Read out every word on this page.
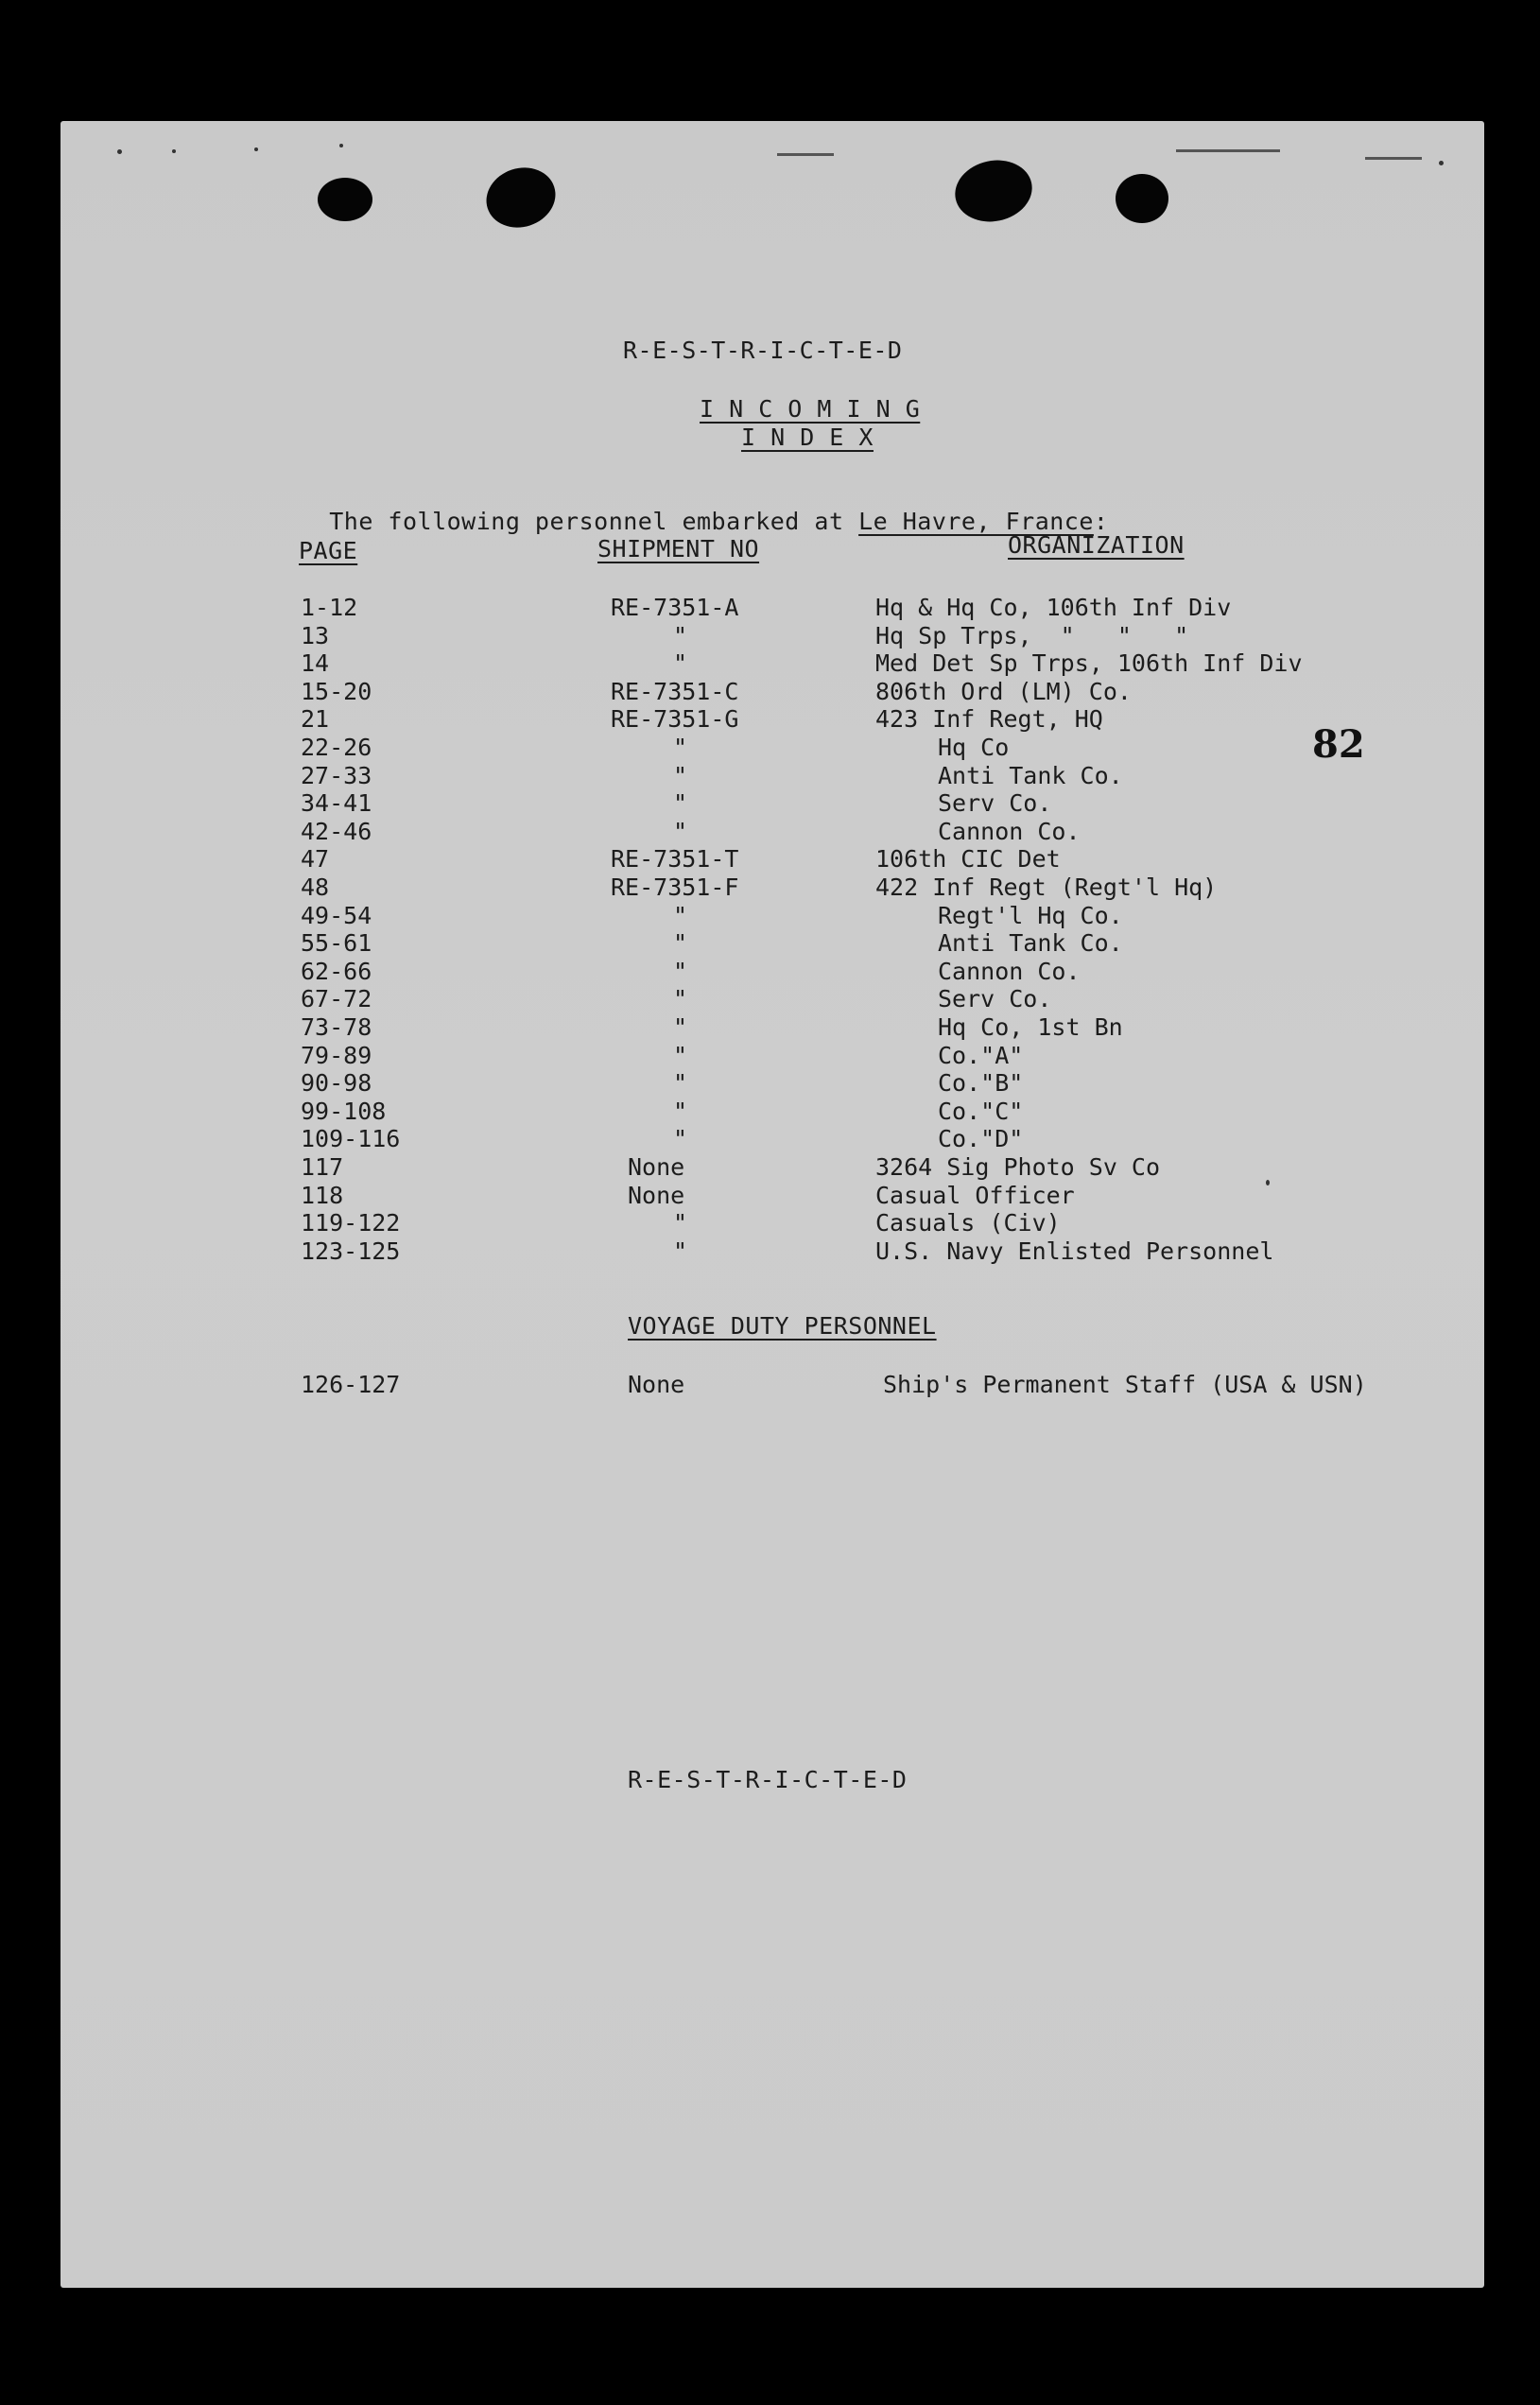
R-E-S-T-R-I-C-T-E-D
I N C O M I N G
I N D E X

The following personnel embarked at Le Havre, France:

82
PAGE	SHIPMENT NO	ORGANIZATION
1-12	RE-7351-A	Hq & Hq Co, 106th Inf Div
13	"	Hq Sp Trps,  "   "   "
14	"	Med Det Sp Trps, 106th Inf Div
15-20	RE-7351-C	806th Ord (LM) Co.
21	RE-7351-G	423 Inf Regt, HQ
22-26	"	Hq Co
27-33	"	Anti Tank Co.
34-41	"	Serv Co.
42-46	"	Cannon Co.
47	RE-7351-T	106th CIC Det
48	RE-7351-F	422 Inf Regt (Regt'l Hq)
49-54	"	Regt'l Hq Co.
55-61	"	Anti Tank Co.
62-66	"	Cannon Co.
67-72	"	Serv Co.
73-78	"	Hq Co, 1st Bn
79-89	"	Co."A"
90-98	"	Co."B"
99-108	"	Co."C"
109-116	"	Co."D"
117	None	3264 Sig Photo Sv Co
118	None	Casual Officer
119-122	"	Casuals (Civ)
123-125	"	U.S. Navy Enlisted Personnel
VOYAGE DUTY PERSONNEL
126-127	None	Ship's Permanent Staff (USA & USN)
R-E-S-T-R-I-C-T-E-D
